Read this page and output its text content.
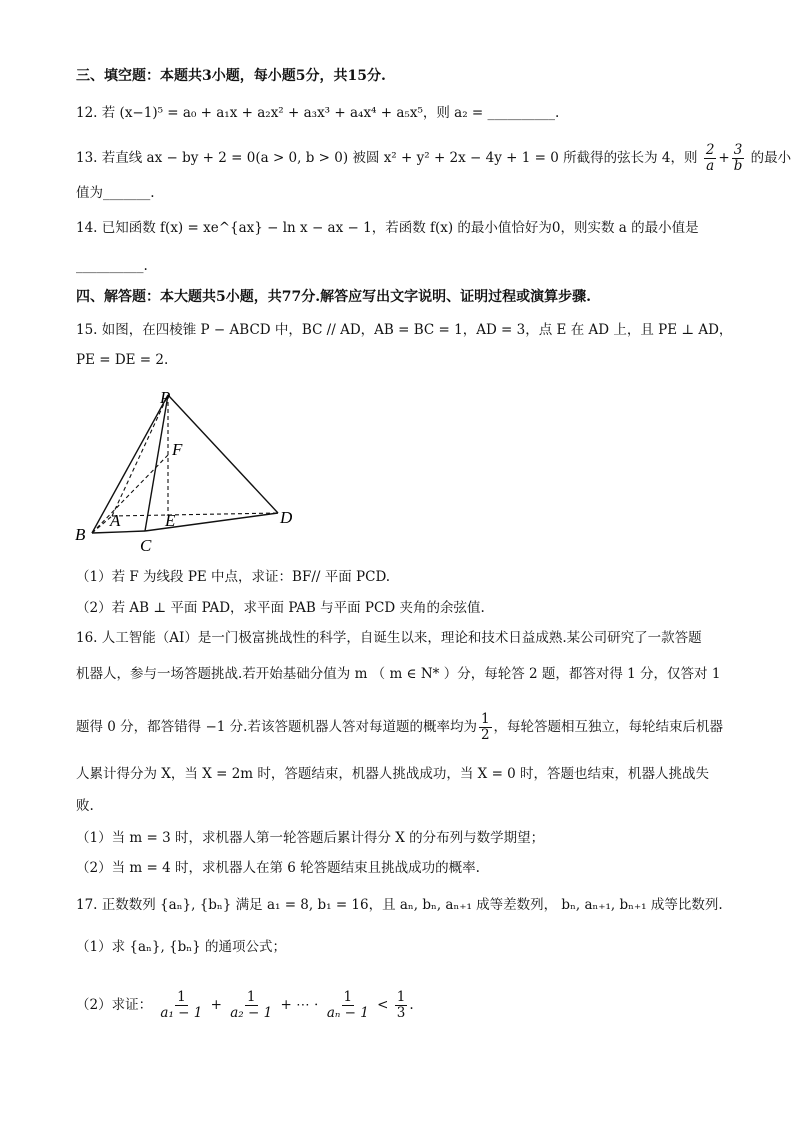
三、填空题：本题共3小题，每小题5分，共15分.
12. 若 (x−1)⁵ = a₀ + a₁x + a₂x² + a₃x³ + a₄x⁴ + a₅x⁵，则 a₂ = __________.
13. 若直线 ax − by + 2 = 0(a > 0, b > 0) 被圆 x² + y² + 2x − 4y + 1 = 0 所截得的弦长为 4，则 $\frac{2}{a} + \frac{3}{b}$ 的最小
值为_______.
14. 已知函数 f(x) = xe^{ax} − ln x − ax − 1，若函数 f(x) 的最小值恰好为0，则实数 a 的最小值是
__________.
四、解答题：本大题共5小题，共77分.解答应写出文字说明、证明过程或演算步骤.
15. 如图，在四棱锥 P − ABCD 中，BC // AD，AB = BC = 1，AD = 3，点 E 在 AD 上，且 PE ⊥ AD，
PE = DE = 2.
P
F
A	E	D
B
C
（1）若 F 为线段 PE 中点，求证：BF// 平面 PCD.
（2）若 AB ⊥ 平面 PAD，求平面 PAB 与平面 PCD 夹角的余弦值.
16. 人工智能（AI）是一门极富挑战性的科学，自诞生以来，理论和技术日益成熟.某公司研究了一款答题
机器人，参与一场答题挑战.若开始基础分值为 m （ m ∈ N* ）分，每轮答 2 题，都答对得 1 分，仅答对 1
题得 0 分，都答错得 −1 分.若该答题机器人答对每道题的概率均为 $\frac{1}{2}$ ，每轮答题相互独立，每轮结束后机器
人累计得分为 X，当 X = 2m 时，答题结束，机器人挑战成功，当 X = 0 时，答题也结束，机器人挑战失
败.
（1）当 m = 3 时，求机器人第一轮答题后累计得分 X 的分布列与数学期望；
（2）当 m = 4 时，求机器人在第 6 轮答题结束且挑战成功的概率.
17. 正数数列 {aₙ}, {bₙ} 满足 a₁ = 8, b₁ = 16，且 aₙ, bₙ, aₙ₊₁ 成等差数列， bₙ, aₙ₊₁, bₙ₊₁ 成等比数列.
（1）求 {aₙ}, {bₙ} 的通项公式；
（2）求证： $\frac{1}{\text{a₁ − 1}} + \frac{1}{\text{a₂ − 1}}$ + ⋯ ⋅ $\frac{1}{\text{aₙ − 1}} < \frac{1}{3}$ .
